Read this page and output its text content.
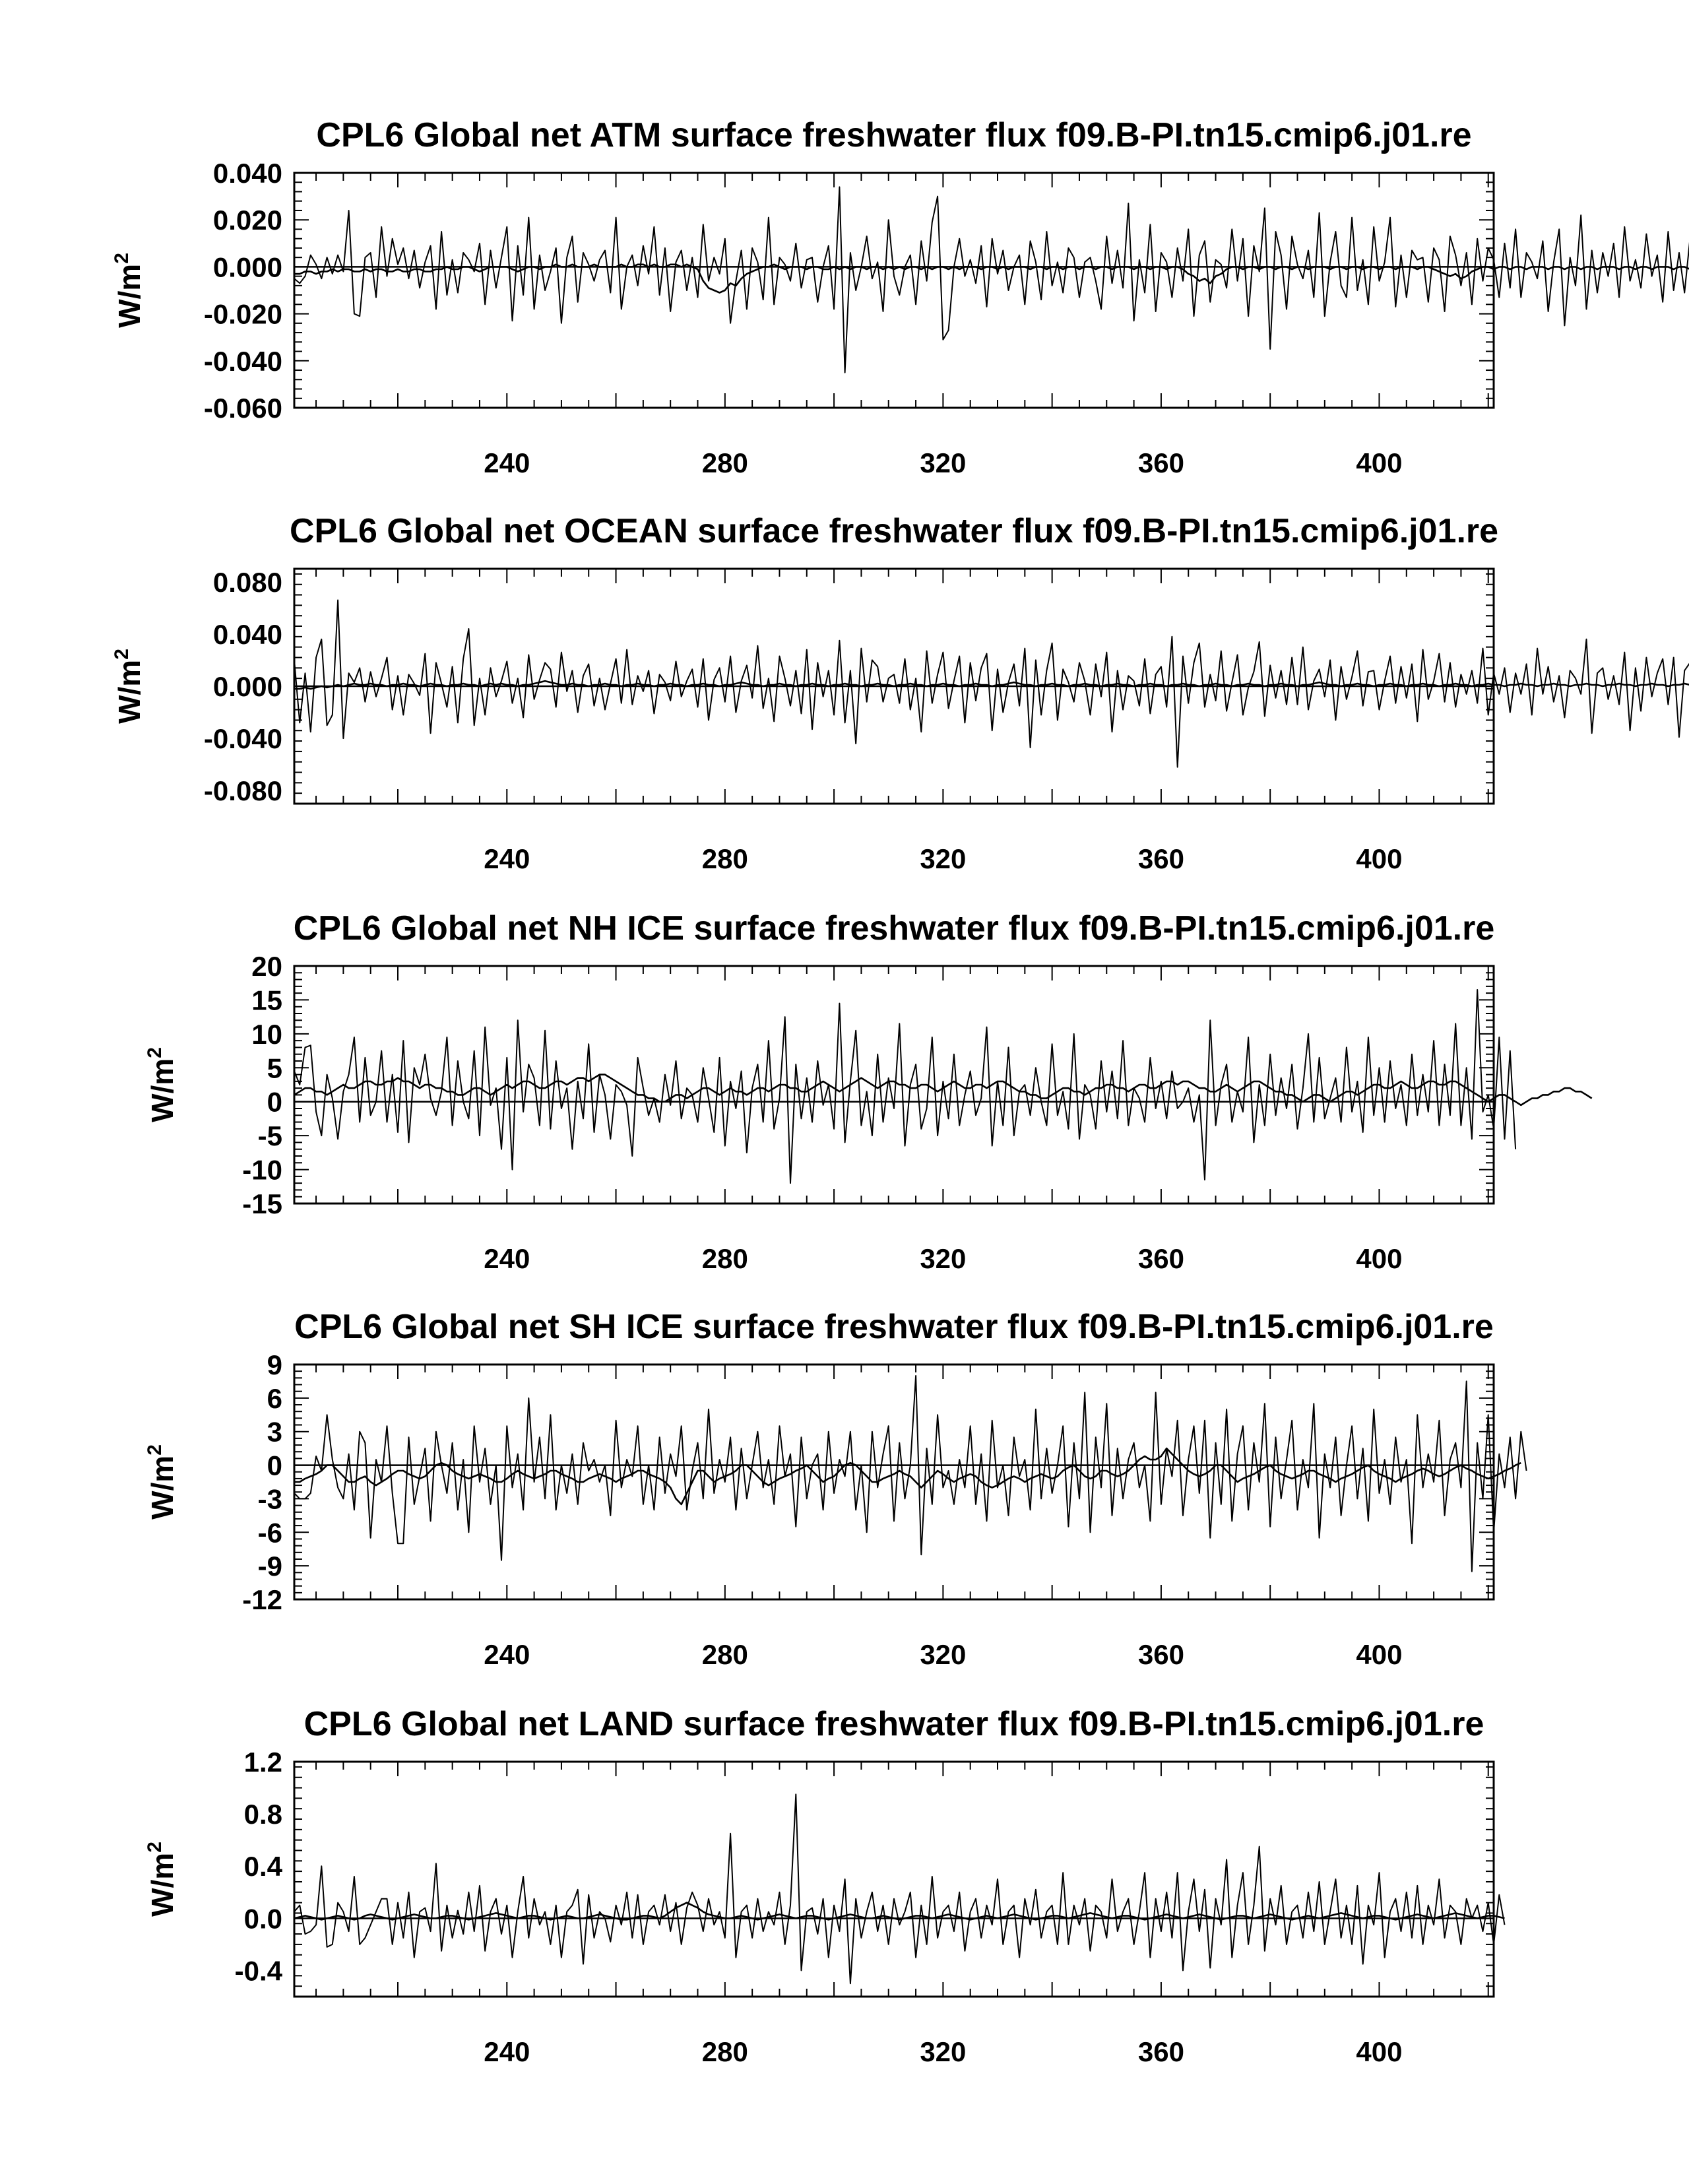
CPL6 Global net ATM surface freshwater flux f09.B-PI.tn15.cmip6.j01.re
240	280	320	360	400
0.040
0.020
0.000
-0.020
-0.040
-0.060
$W/m^2$
CPL6 Global net OCEAN surface freshwater flux f09.B-PI.tn15.cmip6.j01.re
240	280	320	360	400
0.080
0.040
0.000
-0.040
-0.080
$W/m^2$
CPL6 Global net NH ICE surface freshwater flux f09.B-PI.tn15.cmip6.j01.re
240	280	320	360	400
20
15
10
5
0
-5
-10
-15
$W/m^2$
CPL6 Global net SH ICE surface freshwater flux f09.B-PI.tn15.cmip6.j01.re
240	280	320	360	400
9
6
3
0
-3
-6
-9
-12
$W/m^2$
CPL6 Global net LAND surface freshwater flux f09.B-PI.tn15.cmip6.j01.re
240	280	320	360	400
1.2
0.8
0.4
0.0
-0.4
$W/m^2$
